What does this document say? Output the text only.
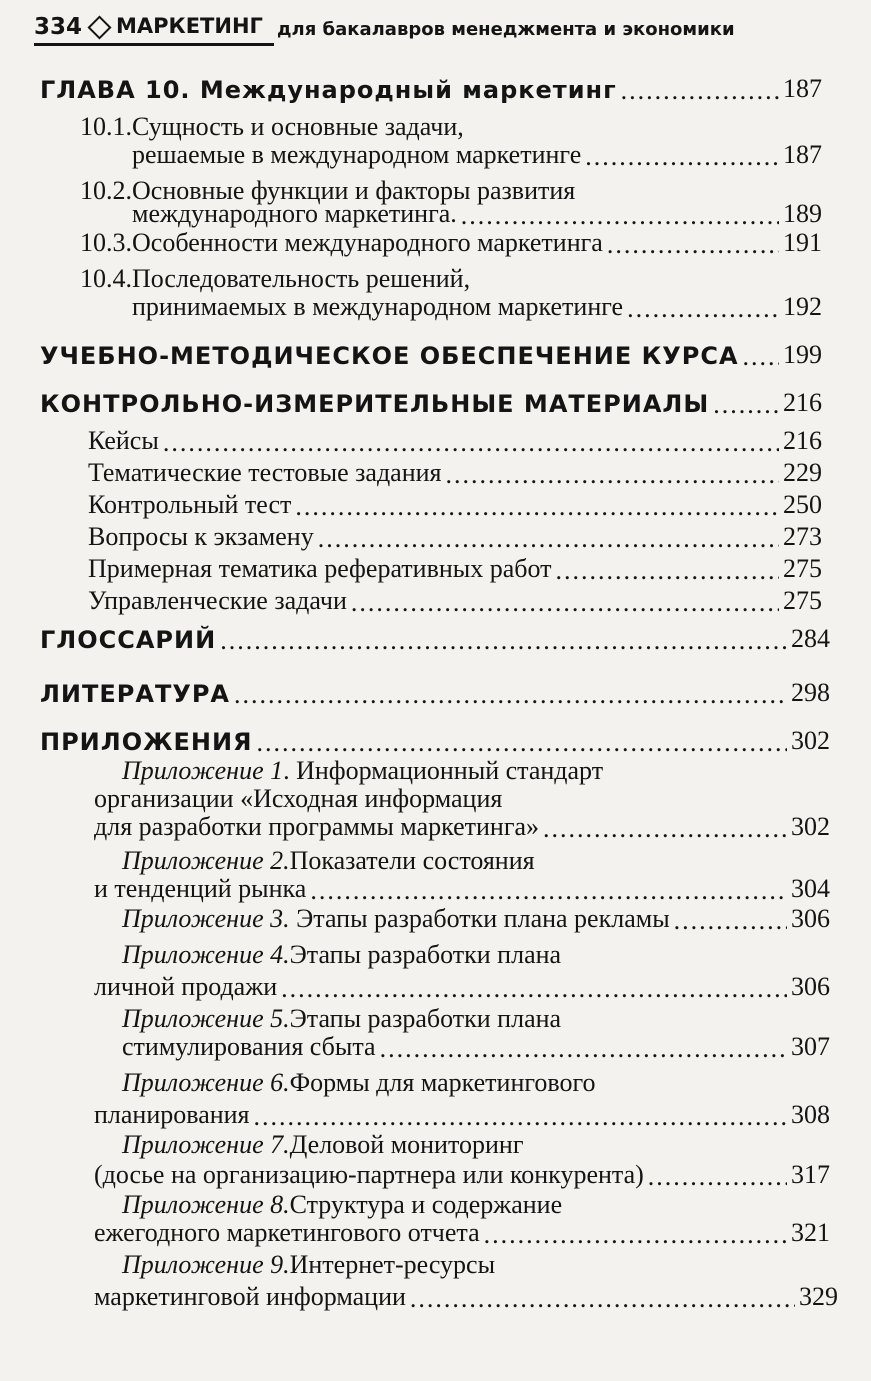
334 МАРКЕТИНГ для бакалавров менеджмента и экономики
ГЛАВА 10. Международный маркетинг .....	187
10.1. Сущность и основные задачи,
решаемые в международном маркетинге .....	187
10.2. Основные функции и факторы развития
международного маркетинга. .....	189
10.3. Особенности международного маркетинга .....	191
10.4. Последовательность решений,
принимаемых в международном маркетинге .....	192
УЧЕБНО-МЕТОДИЧЕСКОЕ ОБЕСПЕЧЕНИЕ КУРСА ..... 199
КОНТРОЛЬНО-ИЗМЕРИТЕЛЬНЫЕ МАТЕРИАЛЫ .....	216
Кейсы .....	216
Тематические тестовые задания .....	229
Контрольный тест .....	250
Вопросы к экзамену .....	273
Примерная тематика реферативных работ .....	275
Управленческие задачи .....	275
ГЛОССАРИЙ .....	284
ЛИТЕРАТУРА .....	298
ПРИЛОЖЕНИЯ .....	302
Приложение 1 . Информационный стандарт
организации «Исходная информация
для разработки программы маркетинга» .....	302
Приложение 2. Показатели состояния
и тенденций рынка .....	304
Приложение 3. Этапы разработки плана рекламы .....	306
Приложение 4. Этапы разработки плана
личной продажи .....	306
Приложение 5. Этапы разработки плана
стимулирования сбыта .....	307
Приложение 6. Формы для маркетингового
планирования .....	308
Приложение 7. Деловой мониторинг
(досье на организацию-партнера или конкурента) .....	317
Приложение 8. Структура и содержание
ежегодного маркетингового отчета .....	321
Приложение 9. Интернет-ресурсы
маркетинговой информации .....	329
